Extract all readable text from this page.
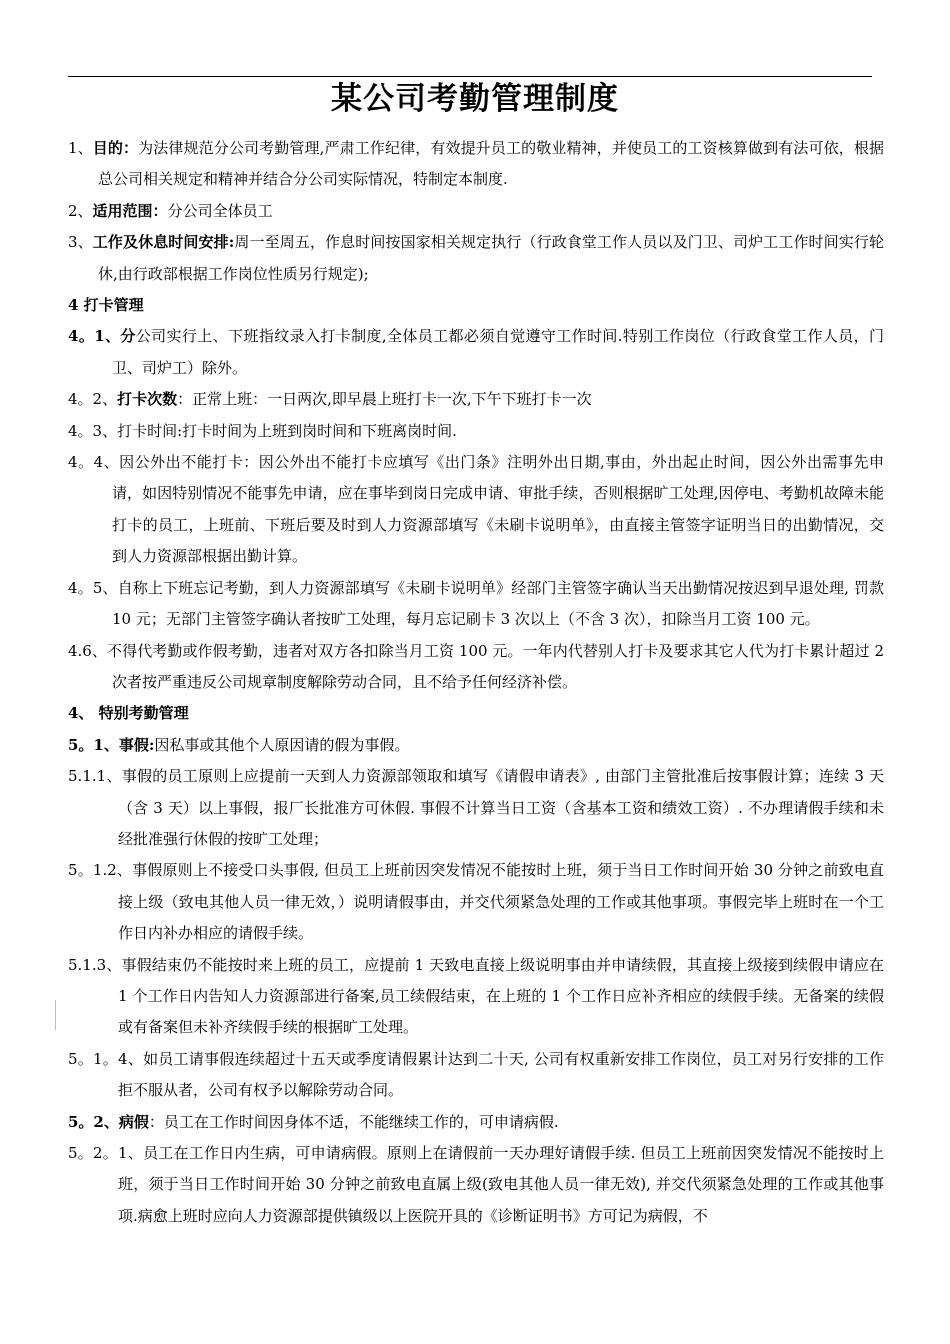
某公司考勤管理制度
1、目的：为法律规范分公司考勤管理,严肃工作纪律，有效提升员工的敬业精神，并使员工的工资核算做到有法可依，根据总公司相关规定和精神并结合分公司实际情况，特制定本制度.
2、适用范围：分公司全体员工
3、工作及休息时间安排:周一至周五，作息时间按国家相关规定执行（行政食堂工作人员以及门卫、司炉工工作时间实行轮休,由行政部根据工作岗位性质另行规定);
4 打卡管理
4。1、分公司实行上、下班指纹录入打卡制度,全体员工都必须自觉遵守工作时间.特别工作岗位（行政食堂工作人员，门卫、司炉工）除外。
4。2、打卡次数：正常上班：一日两次,即早晨上班打卡一次,下午下班打卡一次
4。3、打卡时间:打卡时间为上班到岗时间和下班离岗时间.
4。4、因公外出不能打卡：因公外出不能打卡应填写《出门条》注明外出日期,事由，外出起止时间，因公外出需事先申请，如因特别情况不能事先申请，应在事毕到岗日完成申请、审批手续，否则根据旷工处理,因停电、考勤机故障未能打卡的员工，上班前、下班后要及时到人力资源部填写《未刷卡说明单》，由直接主管签字证明当日的出勤情况，交到人力资源部根据出勤计算。
4。5、自称上下班忘记考勤，到人力资源部填写《未刷卡说明单》经部门主管签字确认当天出勤情况按迟到早退处理, 罚款 10 元；无部门主管签字确认者按旷工处理，每月忘记刷卡 3 次以上（不含 3 次），扣除当月工资 100 元。
4.6、不得代考勤或作假考勤，违者对双方各扣除当月工资 100 元。一年内代替别人打卡及要求其它人代为打卡累计超过 2 次者按严重违反公司规章制度解除劳动合同，且不给予任何经济补偿。
4、 特别考勤管理
5。1、事假:因私事或其他个人原因请的假为事假。
5.1.1、事假的员工原则上应提前一天到人力资源部领取和填写《请假申请表》, 由部门主管批准后按事假计算；连续 3 天（含 3 天）以上事假，报厂长批准方可休假. 事假不计算当日工资（含基本工资和绩效工资）. 不办理请假手续和未经批准强行休假的按旷工处理；
5。1.2、事假原则上不接受口头事假, 但员工上班前因突发情况不能按时上班，须于当日工作时间开始 30 分钟之前致电直接上级（致电其他人员一律无效，）说明请假事由，并交代须紧急处理的工作或其他事项。事假完毕上班时在一个工作日内补办相应的请假手续。
5.1.3、事假结束仍不能按时来上班的员工，应提前 1 天致电直接上级说明事由并申请续假，其直接上级接到续假申请应在 1 个工作日内告知人力资源部进行备案,员工续假结束，在上班的 1 个工作日应补齐相应的续假手续。无备案的续假或有备案但未补齐续假手续的根据旷工处理。
5。1。4、如员工请事假连续超过十五天或季度请假累计达到二十天, 公司有权重新安排工作岗位，员工对另行安排的工作拒不服从者，公司有权予以解除劳动合同。
5。2、病假：员工在工作时间因身体不适，不能继续工作的，可申请病假.
5。2。1、员工在工作日内生病，可申请病假。原则上在请假前一天办理好请假手续. 但员工上班前因突发情况不能按时上班，须于当日工作时间开始 30 分钟之前致电直属上级(致电其他人员一律无效), 并交代须紧急处理的工作或其他事项.病愈上班时应向人力资源部提供镇级以上医院开具的《诊断证明书》方可记为病假，不
